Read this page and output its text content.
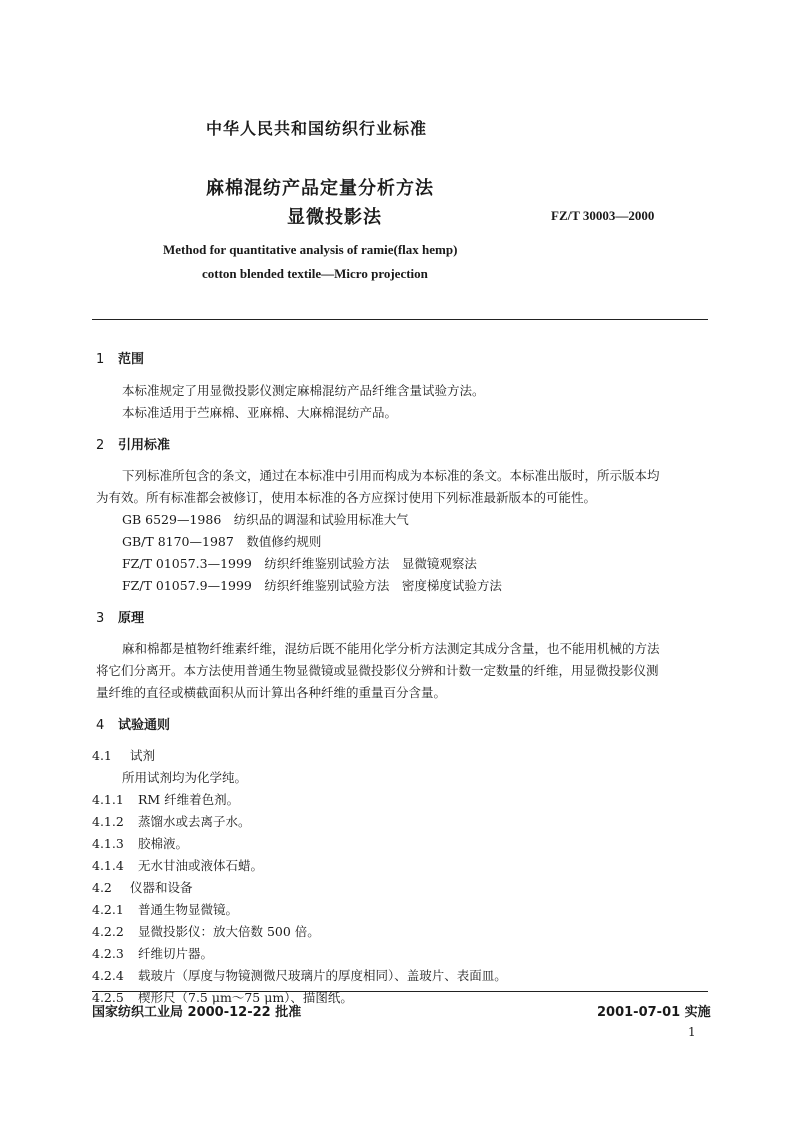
中华人民共和国纺织行业标准
麻棉混纺产品定量分析方法
显微投影法	FZ/T 30003—2000
Method for quantitative analysis of ramie(flax hemp)
cotton blended textile—Micro projection
1 范围
本标准规定了用显微投影仪测定麻棉混纺产品纤维含量试验方法。
本标准适用于苎麻棉、亚麻棉、大麻棉混纺产品。
2 引用标准
下列标准所包含的条文，通过在本标准中引用而构成为本标准的条文。本标准出版时，所示版本均
为有效。所有标准都会被修订，使用本标准的各方应探讨使用下列标准最新版本的可能性。
GB 6529—1986　 纺织品的调湿和试验用标准大气
GB/T 8170—1987　 数值修约规则
FZ/T 01057.3—1999　 纺织纤维鉴别试验方法　显微镜观察法
FZ/T 01057.9—1999　 纺织纤维鉴别试验方法　密度梯度试验方法
3 原理
麻和棉都是植物纤维素纤维，混纺后既不能用化学分析方法测定其成分含量，也不能用机械的方法
将它们分离开。本方法使用普通生物显微镜或显微投影仪分辨和计数一定数量的纤维，用显微投影仪测
量纤维的直径或横截面积从而计算出各种纤维的重量百分含量。
4 试验通则
4.1 试剂
所用试剂均为化学纯。
4.1.1 RM 纤维着色剂。
4.1.2 蒸馏水或去离子水。
4.1.3 胶棉液。
4.1.4 无水甘油或液体石蜡。
4.2 仪器和设备
4.2.1 普通生物显微镜。
4.2.2 显微投影仪：放大倍数 500 倍。
4.2.3 纤维切片器。
4.2.4 载玻片（厚度与物镜测微尺玻璃片的厚度相同）、盖玻片、表面皿。
4.2.5 楔形尺（7.5 μm～75 μm）、描图纸。
国家纺织工业局 2000-12-22 批准	2001-07-01 实施
1
